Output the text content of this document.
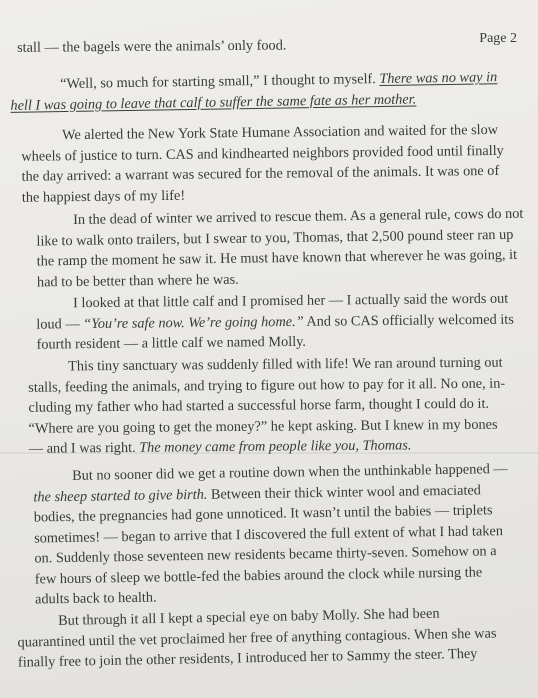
Page 2
stall — the bagels were the animals’ only food.
“Well, so much for starting small,” I thought to myself. There was no way in
hell I was going to leave that calf to suffer the same fate as her mother.
We alerted the New York State Humane Association and waited for the slow
wheels of justice to turn. CAS and kindhearted neighbors provided food until finally
the day arrived: a warrant was secured for the removal of the animals. It was one of
the happiest days of my life!
In the dead of winter we arrived to rescue them. As a general rule, cows do not
like to walk onto trailers, but I swear to you, Thomas, that 2,500 pound steer ran up
the ramp the moment he saw it. He must have known that wherever he was going, it
had to be better than where he was.
I looked at that little calf and I promised her — I actually said the words out
loud — “You’re safe now. We’re going home.” And so CAS officially welcomed its
fourth resident — a little calf we named Molly.
This tiny sanctuary was suddenly filled with life! We ran around turning out
stalls, feeding the animals, and trying to figure out how to pay for it all. No one, in-
cluding my father who had started a successful horse farm, thought I could do it.
“Where are you going to get the money?” he kept asking. But I knew in my bones
— and I was right. The money came from people like you, Thomas.
But no sooner did we get a routine down when the unthinkable happened —
the sheep started to give birth. Between their thick winter wool and emaciated
bodies, the pregnancies had gone unnoticed. It wasn’t until the babies — triplets
sometimes! — began to arrive that I discovered the full extent of what I had taken
on. Suddenly those seventeen new residents became thirty-seven. Somehow on a
few hours of sleep we bottle-fed the babies around the clock while nursing the
adults back to health.
But through it all I kept a special eye on baby Molly. She had been
quarantined until the vet proclaimed her free of anything contagious. When she was
finally free to join the other residents, I introduced her to Sammy the steer. They
